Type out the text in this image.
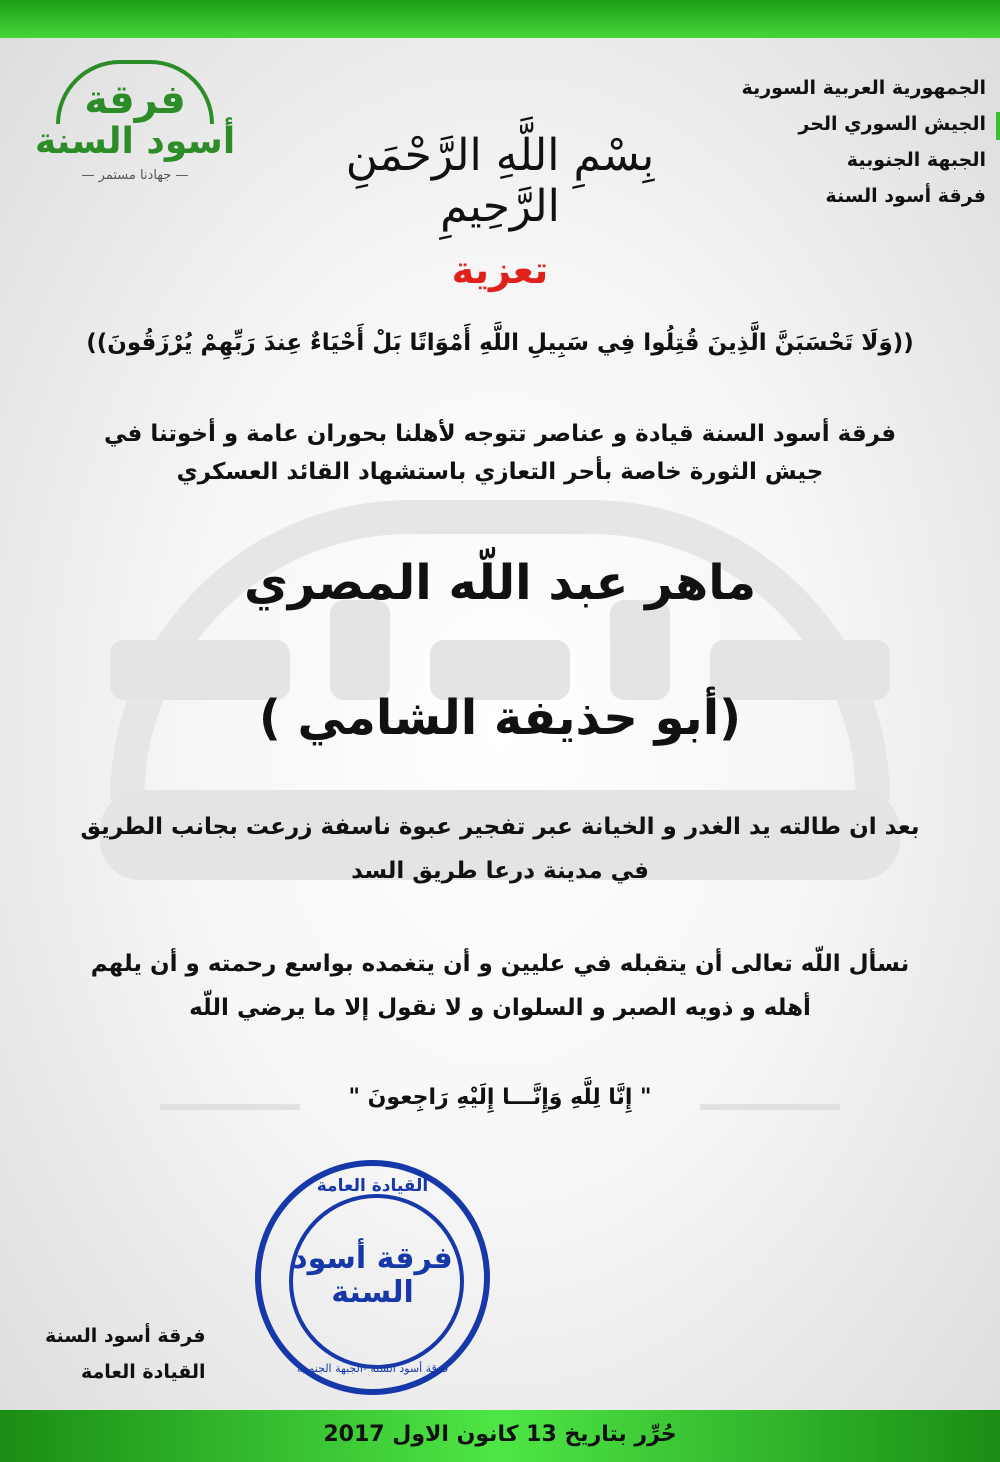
الجمهورية العربية السورية
الجيش السوري الحر
الجبهة الجنوبية
فرقة أسود السنة
فرقة
أسود السنة
— جهادنا مستمر —	بِسْمِ اللَّهِ الرَّحْمَنِ الرَّحِيمِ
تعزية
((وَلَا تَحْسَبَنَّ الَّذِينَ قُتِلُوا فِي سَبِيلِ اللَّهِ أَمْوَاتًا بَلْ أَحْيَاءٌ عِندَ رَبِّهِمْ يُرْزَقُونَ))
فرقة أسود السنة قيادة و عناصر تتوجه لأهلنا بحوران عامة و أخوتنا في
جيش الثورة خاصة بأحر التعازي باستشهاد القائد العسكري
ماهر عبد اللّه المصري
(أبو حذيفة الشامي )
بعد ان طالته يد الغدر و الخيانة عبر تفجير عبوة ناسفة زرعت بجانب الطريق
في مدينة درعا طريق السد
نسأل اللّه تعالى أن يتقبله في عليين و أن يتغمده بواسع رحمته و أن يلهم
أهله و ذويه الصبر و السلوان و لا نقول إلا ما يرضي اللّه
" إِنَّا لِلَّهِ وَإِنَّـــا إِلَيْهِ رَاجِعونَ "
فرقة أسود السنة
القيادة العامة
القيادة العامة
فرقة أسود السنة
فرقة أسود السنة -الجبهة الجنوبية
حُرِّر بتاريخ 13 كانون الاول 2017
